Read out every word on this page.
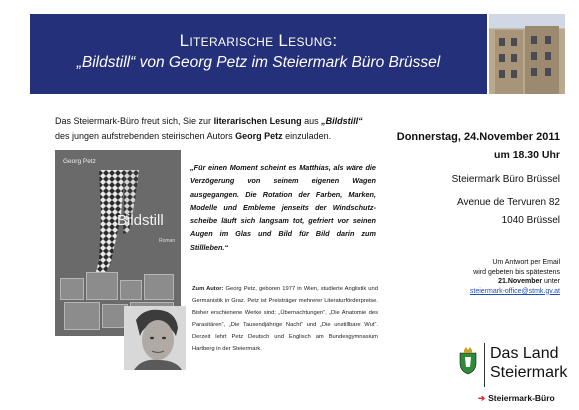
Literarische Lesung:
„Bildstill“ von Georg Petz im Steiermark Büro Brüssel
Das Steiermark-Büro freut sich, Sie zur literarischen Lesung aus „Bildstill“ des jungen aufstrebenden steirischen Autors Georg Petz einzuladen.	Donnerstag, 24.November 2011
um 18.30 Uhr
Steiermark Büro Brüssel
Avenue de Tervuren 82
1040 Brüssel
Um Antwort per Email
wird gebeten bis spätestens
21.November unter
steiermark-office@stmk.gv.at
Georg Petz
Bildstill
Roman
„Für einen Moment scheint es Matthias, als wäre die Verzögerung von seinem eigenen Wagen ausgegangen. Die Rotation der Farben, Marken, Modelle und Embleme jenseits der Windschutz-scheibe läuft sich langsam tot, gefriert vor seinen Augen im Glas und Bild für Bild darin zum Stillleben.“
Zum Autor: Georg Petz, geboren 1977 in Wien, studierte Anglistik und Germanistik in Graz. Petz ist Preisträger mehrerer Literaturförderpreise. Bisher erschienene Werke sind: „Übernachtungen“, „Die Anatomie des Parasitären“, „Die Tausendjährige Nacht“ und „Die unstillbare Wut“. Derzeit lehrt Petz Deutsch und Englisch am Bundesgymnasium Hartberg in der Steiermark.	Das Land
Steiermark
➔ Steiermark-Büro
